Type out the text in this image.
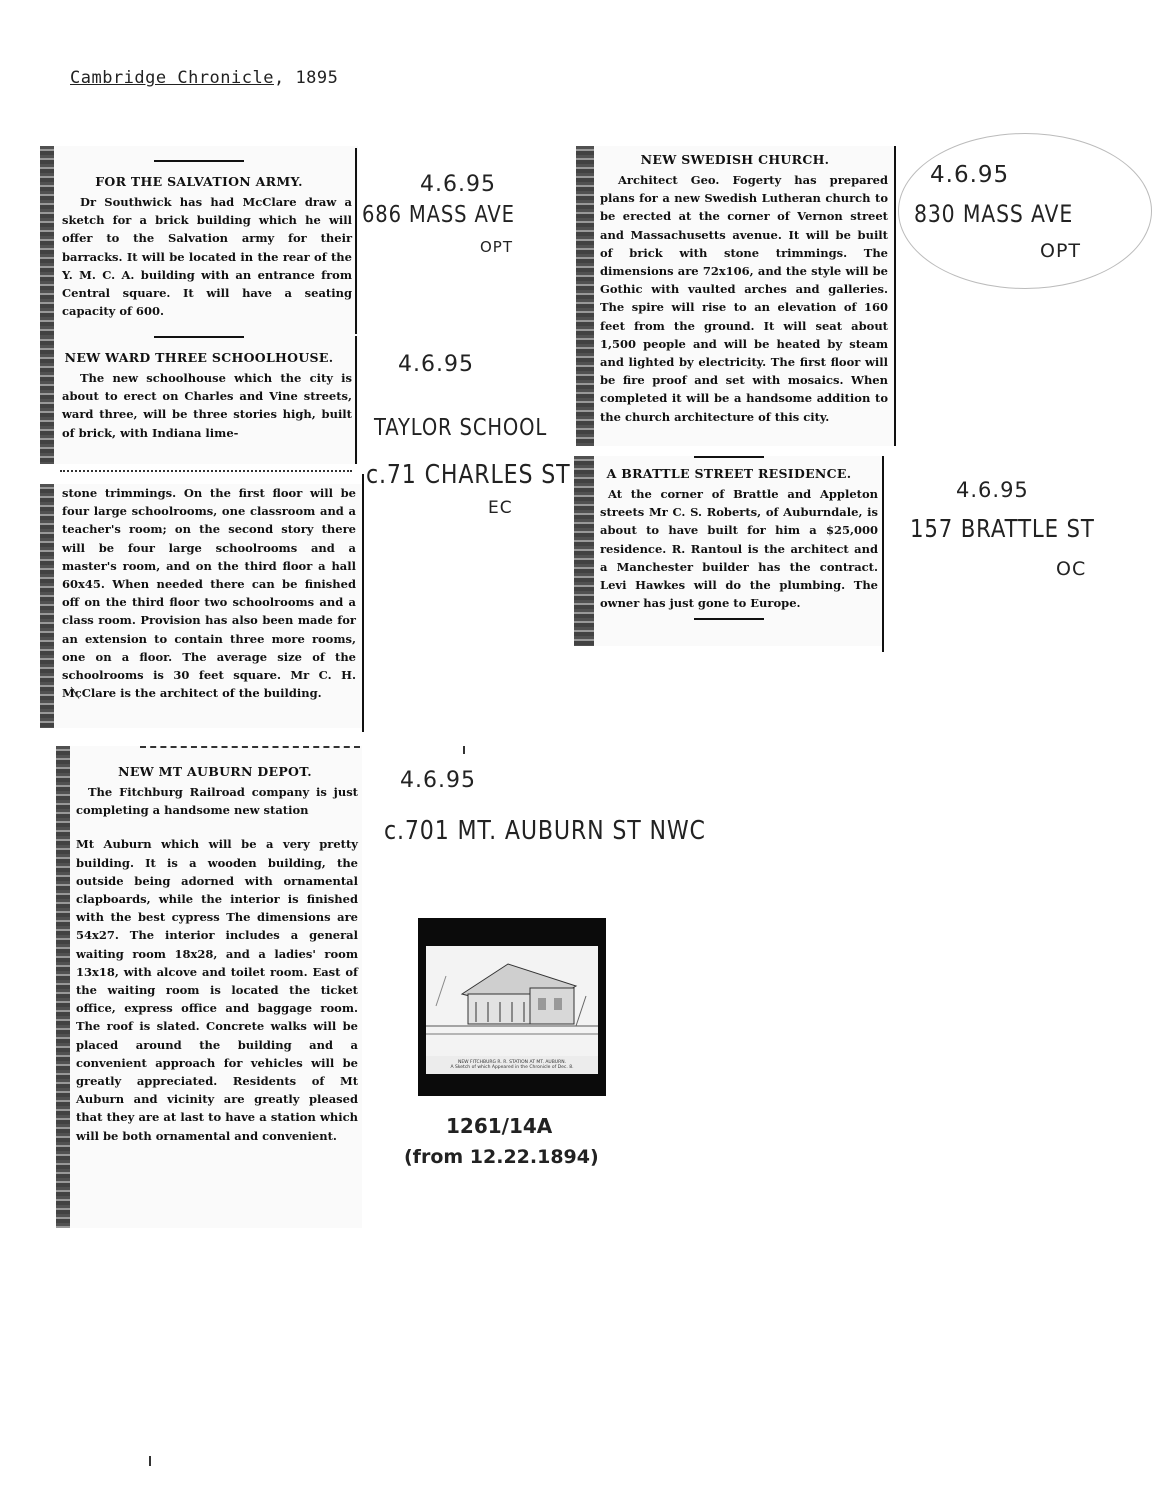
Cambridge Chronicle, 1895
FOR THE SALVATION ARMY.

Dr Southwick has had McClare draw a sketch for a brick building which he will offer to the Salvation army for their barracks. It will be located in the rear of the Y. M. C. A. building with an entrance from Central square. It will have a seating capacity of 600.

NEW WARD THREE SCHOOLHOUSE.

The new schoolhouse which the city is about to erect on Charles and Vine streets, ward three, will be three stories high, built of brick, with Indiana lime-

stone trimmings. On the first floor will be four large schoolrooms, one classroom and a teacher's room; on the second story there will be four large schoolrooms and a master's room, and on the third floor a hall 60x45. When needed there can be finished off on the third floor two schoolrooms and a class room. Provision has also been made for an extension to contain three more rooms, one on a floor. The average size of the schoolrooms is 30 feet square. Mr C. H. McClare is the architect of the building.

NEW MT AUBURN DEPOT.

The Fitchburg Railroad company is just completing a handsome new station

Mt Auburn which will be a very pretty building. It is a wooden building, the outside being adorned with ornamental clapboards, while the interior is finished with the best cypress The dimensions are 54x27. The interior includes a general waiting room 18x28, and a ladies' room 13x18, with alcove and toilet room. East of the waiting room is located the ticket office, express office and baggage room. The roof is slated. Concrete walks will be placed around the building and a convenient approach for vehicles will be greatly appreciated. Residents of Mt Auburn and vicinity are greatly pleased that they are at last to have a station which will be both ornamental and convenient.

NEW SWEDISH CHURCH.

Architect Geo. Fogerty has prepared plans for a new Swedish Lutheran church to be erected at the corner of Vernon street and Massachusetts avenue. It will be built of brick with stone trimmings. The dimensions are 72x106, and the style will be Gothic with vaulted arches and galleries. The spire will rise to an elevation of 160 feet from the ground. It will seat about 1,500 people and will be heated by steam and lighted by electricity. The first floor will be fire proof and set with mosaics. When completed it will be a handsome addition to the church architecture of this city.

A BRATTLE STREET RESIDENCE.

At the corner of Brattle and Appleton streets Mr C. S. Roberts, of Auburndale, is about to have built for him a $25,000 residence. R. Rantoul is the architect and a Manchester builder has the contract. Levi Hawkes will do the plumbing. The owner has just gone to Europe.

4.6.95
686 MASS AVE
OPT
4.6.95
TAYLOR SCHOOL
c.71 CHARLES ST
EC
4.6.95
830 MASS AVE
OPT
4.6.95
157 BRATTLE ST
OC
4.6.95
c.701 MT. AUBURN ST NWC
NEW FITCHBURG R. R. STATION AT MT. AUBURN.
A Sketch of which Appeared in the Chronicle of Dec. 8.
1261/14A
(from 12.22.1894)
